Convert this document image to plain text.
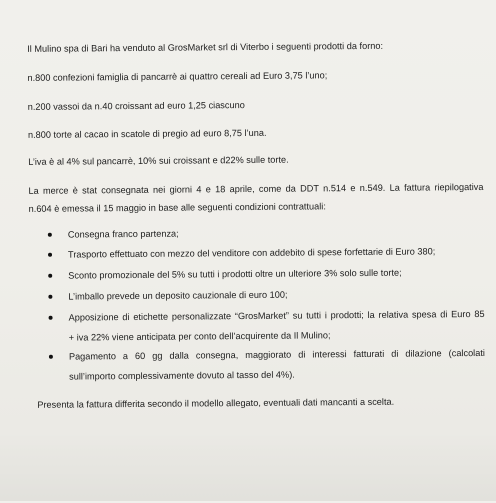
Il Mulino spa di Bari ha venduto al GrosMarket srl di Viterbo i seguenti prodotti da forno:
n.800 confezioni famiglia di pancarrè ai quattro cereali ad Euro 3,75 l’uno;
n.200 vassoi da n.40 croissant ad euro 1,25 ciascuno
n.800 torte al cacao in scatole di pregio ad euro 8,75 l’una.
L’iva è al 4% sul pancarrè, 10% sui croissant e d22% sulle torte.
La merce è stat consegnata nei giorni 4 e 18 aprile, come da DDT n.514 e n.549. La fattura riepilogativa
n.604 è emessa il 15 maggio in base alle seguenti condizioni contrattuali:
Consegna franco partenza;
Trasporto effettuato con mezzo del venditore con addebito di spese forfettarie di Euro 380;
Sconto promozionale del 5% su tutti i prodotti oltre un ulteriore 3% solo sulle torte;
L’imballo prevede un deposito cauzionale di euro 100;
Apposizione di etichette personalizzate “GrosMarket” su tutti i prodotti; la relativa spesa di Euro 85
+ iva 22% viene anticipata per conto dell’acquirente da Il Mulino;
Pagamento a 60 gg dalla consegna, maggiorato di interessi fatturati di dilazione (calcolati
sull’importo complessivamente dovuto al tasso del 4%).
Presenta la fattura differita secondo il modello allegato, eventuali dati mancanti a scelta.
